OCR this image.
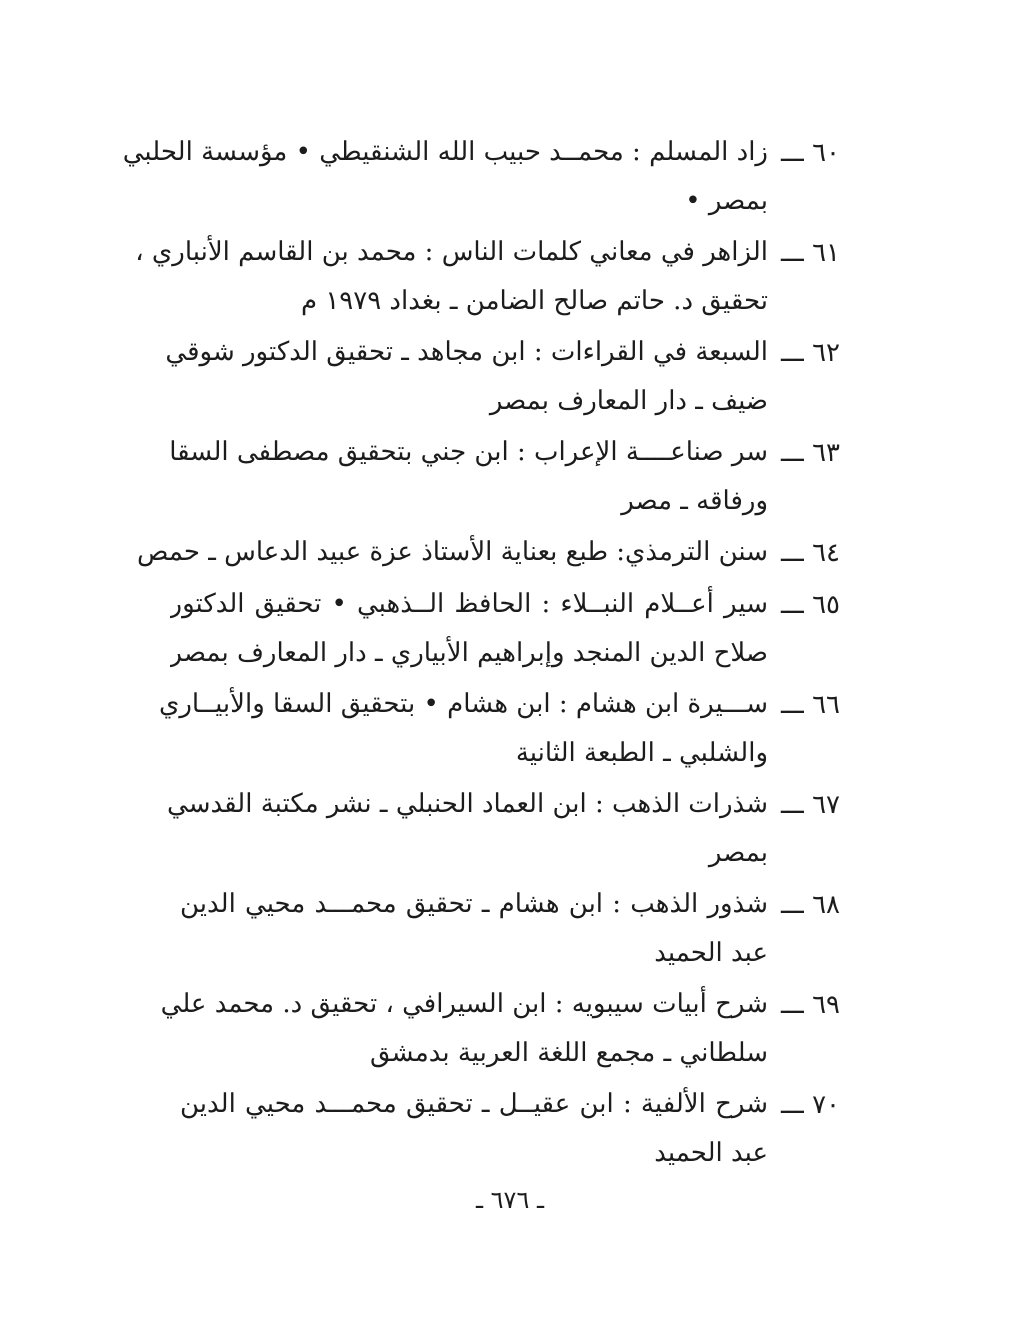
٦٠ ـــ
زاد المسلم : محمــد حبيب الله الشنقيطي • مؤسسة الحلبي
بمصر •
٦١ ـــ
الزاهر في معاني كلمات الناس : محمد بن القاسم الأنباري ،
تحقيق د. حاتم صالح الضامن ـ بغداد ١٩٧٩ م
٦٢ ـــ
السبعة في القراءات : ابن مجاهد ـ تحقيق الدكتور شوقي
ضيف ـ دار المعارف بمصر
٦٣ ـــ
سر صناعــــة الإعراب : ابن جني بتحقيق مصطفى السقا
ورفاقه ـ مصر
٦٤ ـــ
سنن الترمذي: طبع بعناية الأستاذ عزة عبيد الدعاس ـ حمص
٦٥ ـــ
سير أعــلام النبــلاء : الحافظ الــذهبي • تحقيق الدكتور
صلاح الدين المنجد وإبراهيم الأبياري ـ دار المعارف بمصر
٦٦ ـــ
ســـيرة ابن هشام : ابن هشام • بتحقيق السقا والأبيــاري
والشلبي ـ الطبعة الثانية
٦٧ ـــ
شذرات الذهب : ابن العماد الحنبلي ـ نشر مكتبة القدسي
بمصر
٦٨ ـــ
شذور الذهب : ابن هشام ـ تحقيق محمـــد محيي الدين
عبد الحميد
٦٩ ـــ
شرح أبيات سيبويه : ابن السيرافي ، تحقيق د. محمد علي
سلطاني ـ مجمع اللغة العربية بدمشق
٧٠ ـــ
شرح الألفية : ابن عقيــل ـ تحقيق محمـــد محيي الدين
عبد الحميد
ـ ٦٧٦ ـ
